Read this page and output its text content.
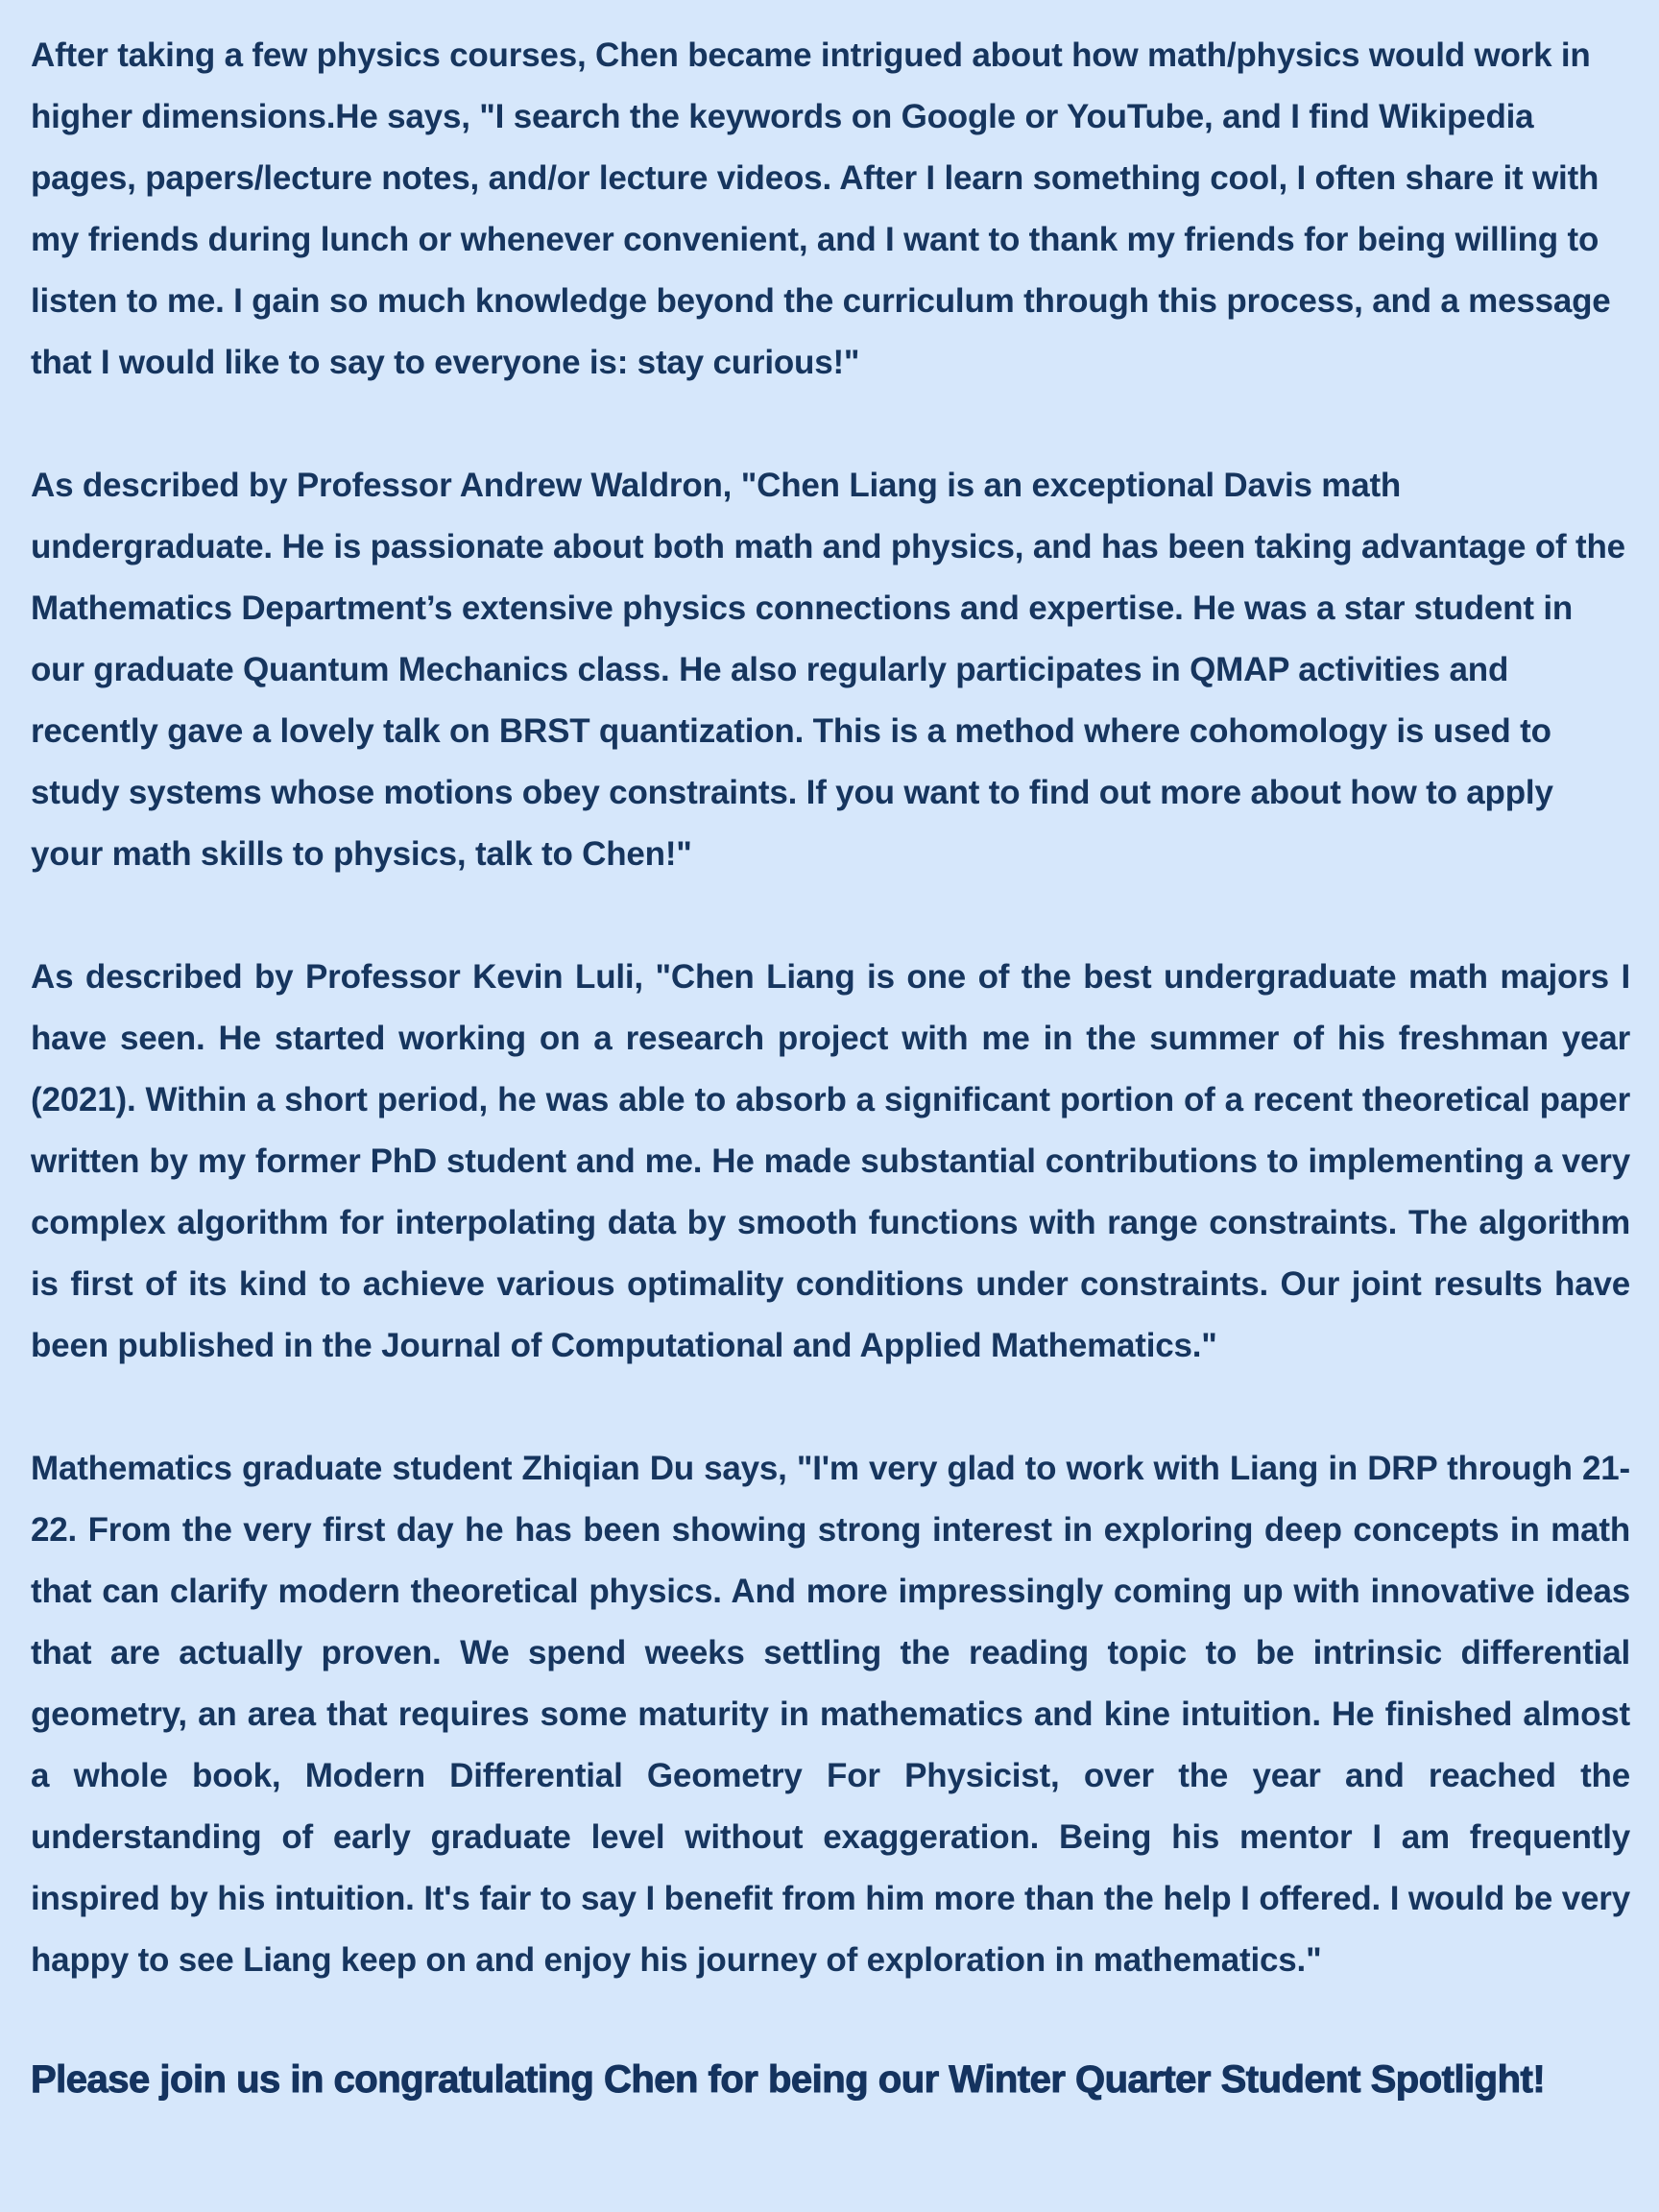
After taking a few physics courses, Chen became intrigued about how math/physics would work in higher dimensions.He says, "I search the keywords on Google or YouTube, and I find Wikipedia pages, papers/lecture notes, and/or lecture videos. After I learn something cool, I often share it with my friends during lunch or whenever convenient, and I want to thank my friends for being willing to listen to me. I gain so much knowledge beyond the curriculum through this process, and a message that I would like to say to everyone is: stay curious!"

As described by Professor Andrew Waldron, "Chen Liang is an exceptional Davis math undergraduate. He is passionate about both math and physics, and has been taking advantage of the Mathematics Department’s extensive physics connections and expertise. He was a star student in our graduate Quantum Mechanics class. He also regularly participates in QMAP activities and recently gave a lovely talk on BRST quantization. This is a method where cohomology is used to study systems whose motions obey constraints. If you want to find out more about how to apply your math skills to physics, talk to Chen!"

As described by Professor Kevin Luli, "Chen Liang is one of the best undergraduate math majors I have seen. He started working on a research project with me in the summer of his freshman year (2021). Within a short period, he was able to absorb a significant portion of a recent theoretical paper written by my former PhD student and me. He made substantial contributions to implementing a very complex algorithm for interpolating data by smooth functions with range constraints. The algorithm is first of its kind to achieve various optimality conditions under constraints. Our joint results have been published in the Journal of Computational and Applied Mathematics."

Mathematics graduate student Zhiqian Du says, "I'm very glad to work with Liang in DRP through 21-22. From the very first day he has been showing strong interest in exploring deep concepts in math that can clarify modern theoretical physics. And more impressingly coming up with innovative ideas that are actually proven. We spend weeks settling the reading topic to be intrinsic differential geometry, an area that requires some maturity in mathematics and kine intuition. He finished almost a whole book, Modern Differential Geometry For Physicist, over the year and reached the understanding of early graduate level without exaggeration. Being his mentor I am frequently inspired by his intuition. It's fair to say I benefit from him more than the help I offered. I would be very happy to see Liang keep on and enjoy his journey of exploration in mathematics."

Please join us in congratulating Chen for being our Winter Quarter Student Spotlight!
